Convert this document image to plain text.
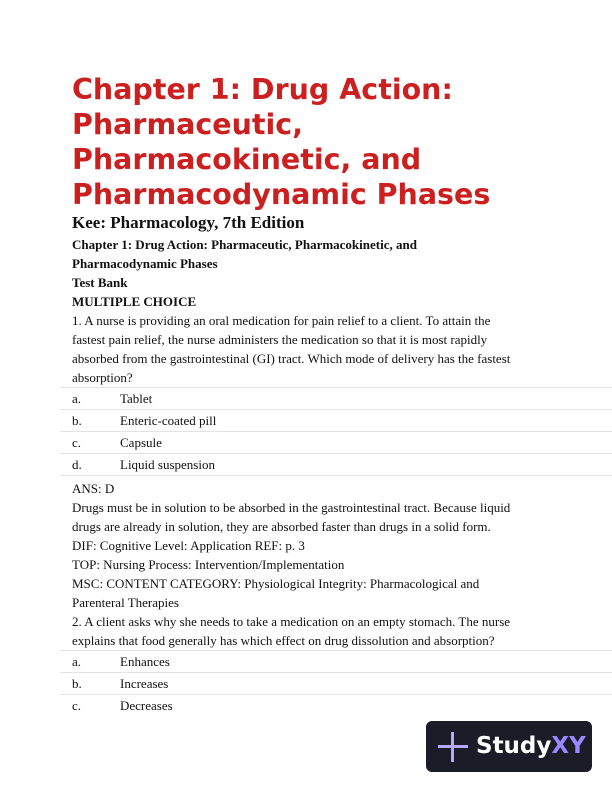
Chapter 1: Drug Action:
Pharmaceutic,
Pharmacokinetic, and
Pharmacodynamic Phases
Kee: Pharmacology, 7th Edition
Chapter 1: Drug Action: Pharmaceutic, Pharmacokinetic, and
Pharmacodynamic Phases
Test Bank
MULTIPLE CHOICE
1. A nurse is providing an oral medication for pain relief to a client. To attain the
fastest pain relief, the nurse administers the medication so that it is most rapidly
absorbed from the gastrointestinal (GI) tract. Which mode of delivery has the fastest
absorption?
a.	Tablet
b.	Enteric-coated pill
c.	Capsule
d.	Liquid suspension
ANS: D
Drugs must be in solution to be absorbed in the gastrointestinal tract. Because liquid
drugs are already in solution, they are absorbed faster than drugs in a solid form.
DIF: Cognitive Level: Application REF: p. 3
TOP: Nursing Process: Intervention/Implementation
MSC: CONTENT CATEGORY: Physiological Integrity: Pharmacological and
Parenteral Therapies
2. A client asks why she needs to take a medication on an empty stomach. The nurse
explains that food generally has which effect on drug dissolution and absorption?
a.	Enhances
b.	Increases
c.	Decreases
StudyXY
